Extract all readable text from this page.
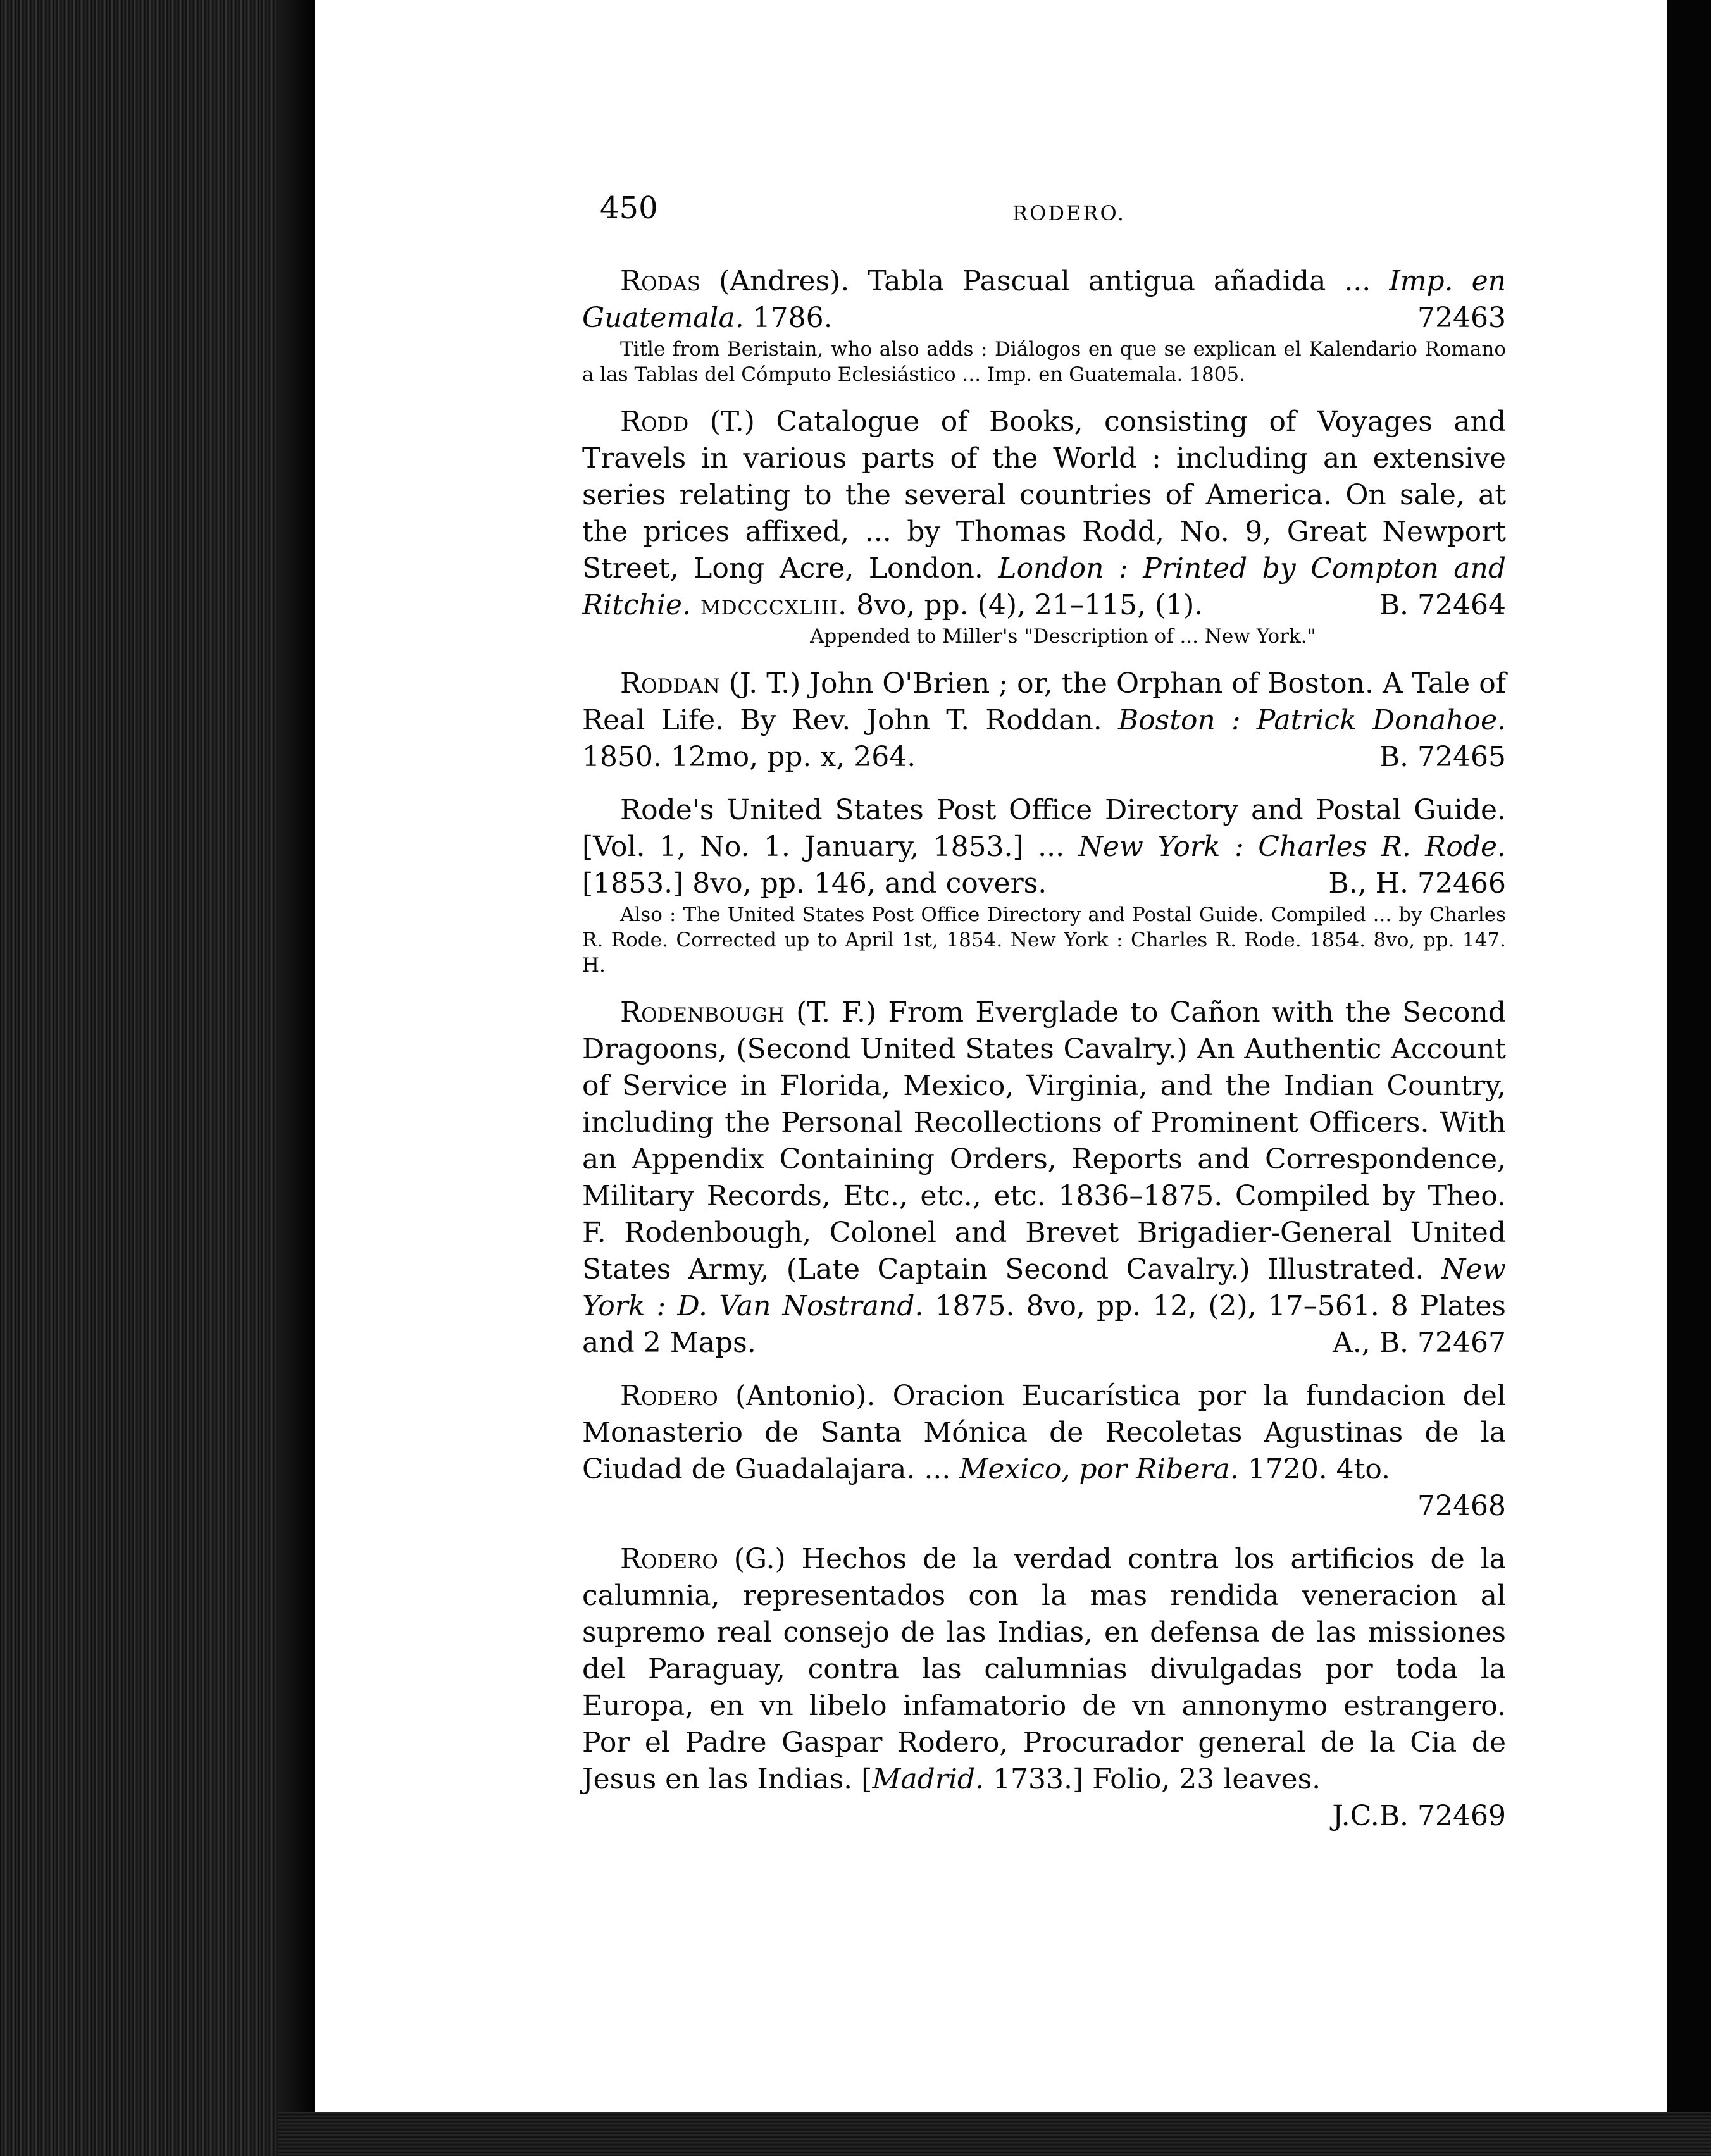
450	RODERO.

Rodas (Andres). Tabla Pascual antigua añadida ... Imp. en Guatemala. 1786.	72463

Title from Beristain, who also adds : Diálogos en que se explican el Kalendario Romano a las Tablas del Cómputo Eclesiástico ... Imp. en Guatemala. 1805.

Rodd (T.) Catalogue of Books, consisting of Voyages and Travels in various parts of the World : including an extensive series relating to the several countries of America. On sale, at the prices affixed, ... by Thomas Rodd, No. 9, Great Newport Street, Long Acre, London. London : Printed by Compton and Ritchie. mdcccxliii. 8vo, pp. (4), 21–115, (1).	B. 72464

Appended to Miller's "Description of ... New York."

Roddan (J. T.) John O'Brien ; or, the Orphan of Boston. A Tale of Real Life. By Rev. John T. Roddan. Boston : Patrick Donahoe. 1850. 12mo, pp. x, 264.	B. 72465

Rode's United States Post Office Directory and Postal Guide. [Vol. 1, No. 1. January, 1853.] ... New York : Charles R. Rode. [1853.] 8vo, pp. 146, and covers.	B., H. 72466

Also : The United States Post Office Directory and Postal Guide. Compiled ... by Charles R. Rode. Corrected up to April 1st, 1854. New York : Charles R. Rode. 1854. 8vo, pp. 147. H.

Rodenbough (T. F.) From Everglade to Cañon with the Second Dragoons, (Second United States Cavalry.) An Authentic Account of Service in Florida, Mexico, Virginia, and the Indian Country, including the Personal Recollections of Prominent Officers. With an Appendix Containing Orders, Reports and Correspondence, Military Records, Etc., etc., etc. 1836–1875. Compiled by Theo. F. Rodenbough, Colonel and Brevet Brigadier-General United States Army, (Late Captain Second Cavalry.) Illustrated. New York : D. Van Nostrand. 1875. 8vo, pp. 12, (2), 17–561. 8 Plates and 2 Maps.	A., B. 72467

Rodero (Antonio). Oracion Eucarística por la fundacion del Monasterio de Santa Mónica de Recoletas Agustinas de la Ciudad de Guadalajara. ... Mexico, por Ribera. 1720. 4to.
72468

Rodero (G.) Hechos de la verdad contra los artificios de la calumnia, representados con la mas rendida veneracion al supremo real consejo de las Indias, en defensa de las missiones del Paraguay, contra las calumnias divulgadas por toda la Europa, en vn libelo infamatorio de vn annonymo estrangero. Por el Padre Gaspar Rodero, Procurador general de la Cia de Jesus en las Indias. [Madrid. 1733.] Folio, 23 leaves.
J.C.B. 72469
